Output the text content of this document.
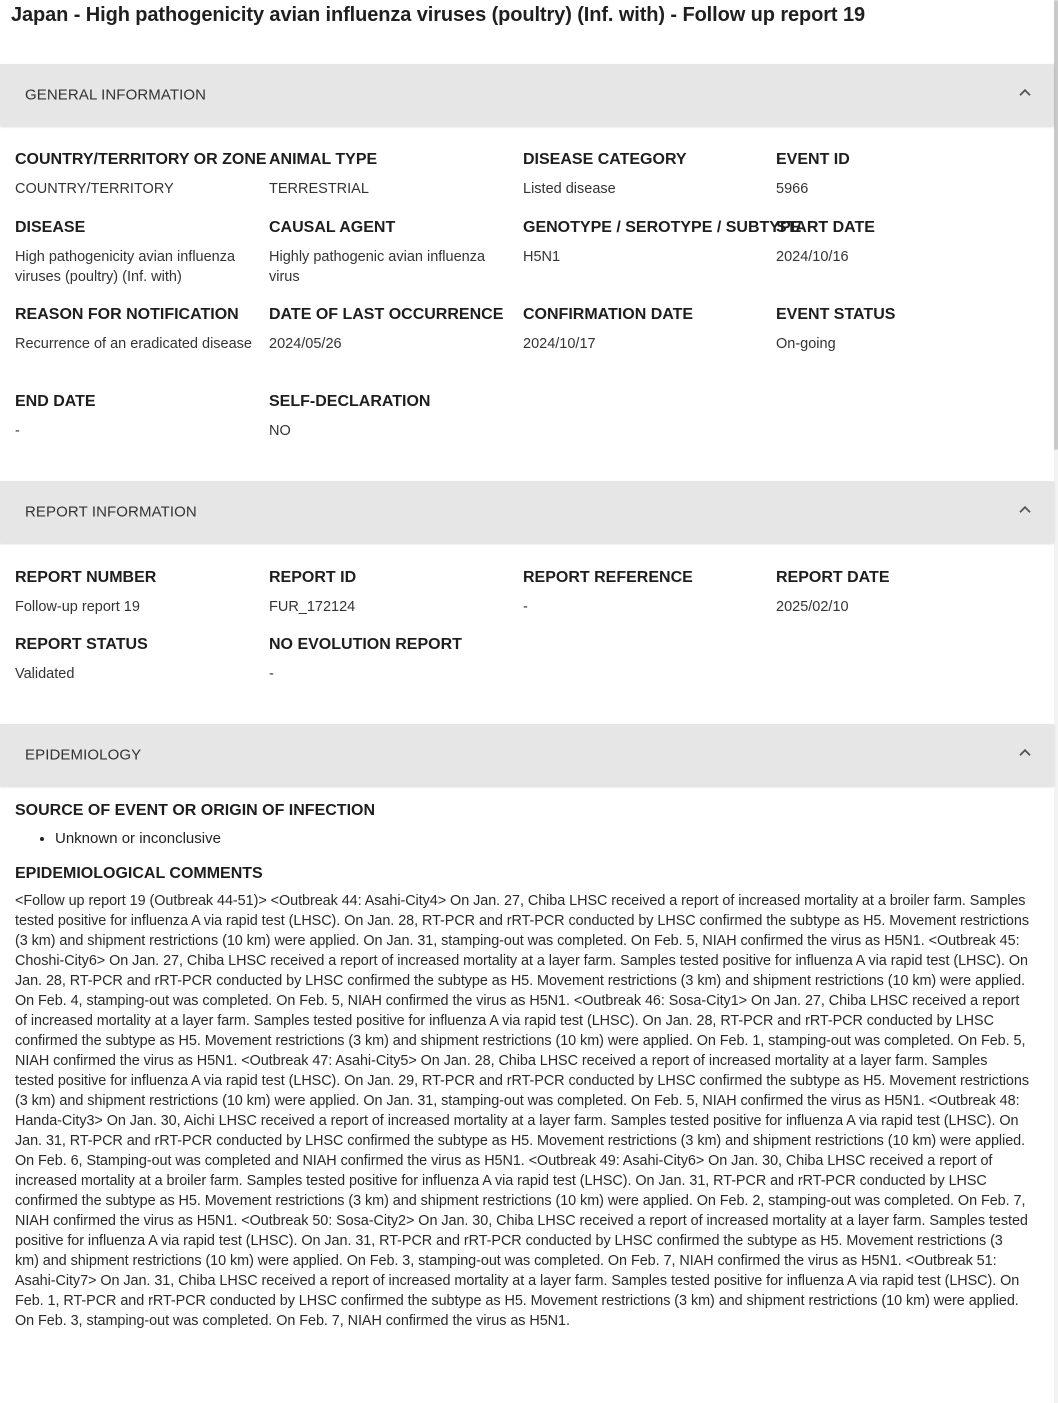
Japan - High pathogenicity avian influenza viruses (poultry) (Inf. with) - Follow up report 19
GENERAL INFORMATION
COUNTRY/TERRITORY OR ZONE
COUNTRY/TERRITORY
ANIMAL TYPE
TERRESTRIAL
DISEASE CATEGORY
Listed disease
EVENT ID
5966
DISEASE
High pathogenicity avian influenza viruses (poultry) (Inf. with)
CAUSAL AGENT
Highly pathogenic avian influenza virus
GENOTYPE / SEROTYPE / SUBTYPE
H5N1
START DATE
2024/10/16
REASON FOR NOTIFICATION
Recurrence of an eradicated disease
DATE OF LAST OCCURRENCE
2024/05/26
CONFIRMATION DATE
2024/10/17
EVENT STATUS
On-going
END DATE
-
SELF-DECLARATION
NO
REPORT INFORMATION
REPORT NUMBER
Follow-up report 19
REPORT ID
FUR_172124
REPORT REFERENCE
-
REPORT DATE
2025/02/10
REPORT STATUS
Validated
NO EVOLUTION REPORT
-
EPIDEMIOLOGY
SOURCE OF EVENT OR ORIGIN OF INFECTION
• Unknown or inconclusive
EPIDEMIOLOGICAL COMMENTS
<Follow up report 19 (Outbreak 44-51)> <Outbreak 44: Asahi-City4> On Jan. 27, Chiba LHSC received a report of increased mortality at a broiler farm. Samples tested positive for influenza A via rapid test (LHSC). On Jan. 28, RT-PCR and rRT-PCR conducted by LHSC confirmed the subtype as H5. Movement restrictions (3 km) and shipment restrictions (10 km) were applied. On Jan. 31, stamping-out was completed. On Feb. 5, NIAH confirmed the virus as H5N1. <Outbreak 45: Choshi-City6> On Jan. 27, Chiba LHSC received a report of increased mortality at a layer farm. Samples tested positive for influenza A via rapid test (LHSC). On Jan. 28, RT-PCR and rRT-PCR conducted by LHSC confirmed the subtype as H5. Movement restrictions (3 km) and shipment restrictions (10 km) were applied. On Feb. 4, stamping-out was completed. On Feb. 5, NIAH confirmed the virus as H5N1. <Outbreak 46: Sosa-City1> On Jan. 27, Chiba LHSC received a report of increased mortality at a layer farm. Samples tested positive for influenza A via rapid test (LHSC). On Jan. 28, RT-PCR and rRT-PCR conducted by LHSC confirmed the subtype as H5. Movement restrictions (3 km) and shipment restrictions (10 km) were applied. On Feb. 1, stamping-out was completed. On Feb. 5, NIAH confirmed the virus as H5N1. <Outbreak 47: Asahi-City5> On Jan. 28, Chiba LHSC received a report of increased mortality at a layer farm. Samples tested positive for influenza A via rapid test (LHSC). On Jan. 29, RT-PCR and rRT-PCR conducted by LHSC confirmed the subtype as H5. Movement restrictions (3 km) and shipment restrictions (10 km) were applied. On Jan. 31, stamping-out was completed. On Feb. 5, NIAH confirmed the virus as H5N1. <Outbreak 48: Handa-City3> On Jan. 30, Aichi LHSC received a report of increased mortality at a layer farm. Samples tested positive for influenza A via rapid test (LHSC). On Jan. 31, RT-PCR and rRT-PCR conducted by LHSC confirmed the subtype as H5. Movement restrictions (3 km) and shipment restrictions (10 km) were applied. On Feb. 6, Stamping-out was completed and NIAH confirmed the virus as H5N1. <Outbreak 49: Asahi-City6> On Jan. 30, Chiba LHSC received a report of increased mortality at a broiler farm. Samples tested positive for influenza A via rapid test (LHSC). On Jan. 31, RT-PCR and rRT-PCR conducted by LHSC confirmed the subtype as H5. Movement restrictions (3 km) and shipment restrictions (10 km) were applied. On Feb. 2, stamping-out was completed. On Feb. 7, NIAH confirmed the virus as H5N1. <Outbreak 50: Sosa-City2> On Jan. 30, Chiba LHSC received a report of increased mortality at a layer farm. Samples tested positive for influenza A via rapid test (LHSC). On Jan. 31, RT-PCR and rRT-PCR conducted by LHSC confirmed the subtype as H5. Movement restrictions (3 km) and shipment restrictions (10 km) were applied. On Feb. 3, stamping-out was completed. On Feb. 7, NIAH confirmed the virus as H5N1. <Outbreak 51: Asahi-City7> On Jan. 31, Chiba LHSC received a report of increased mortality at a layer farm. Samples tested positive for influenza A via rapid test (LHSC). On Feb. 1, RT-PCR and rRT-PCR conducted by LHSC confirmed the subtype as H5. Movement restrictions (3 km) and shipment restrictions (10 km) were applied. On Feb. 3, stamping-out was completed. On Feb. 7, NIAH confirmed the virus as H5N1.
